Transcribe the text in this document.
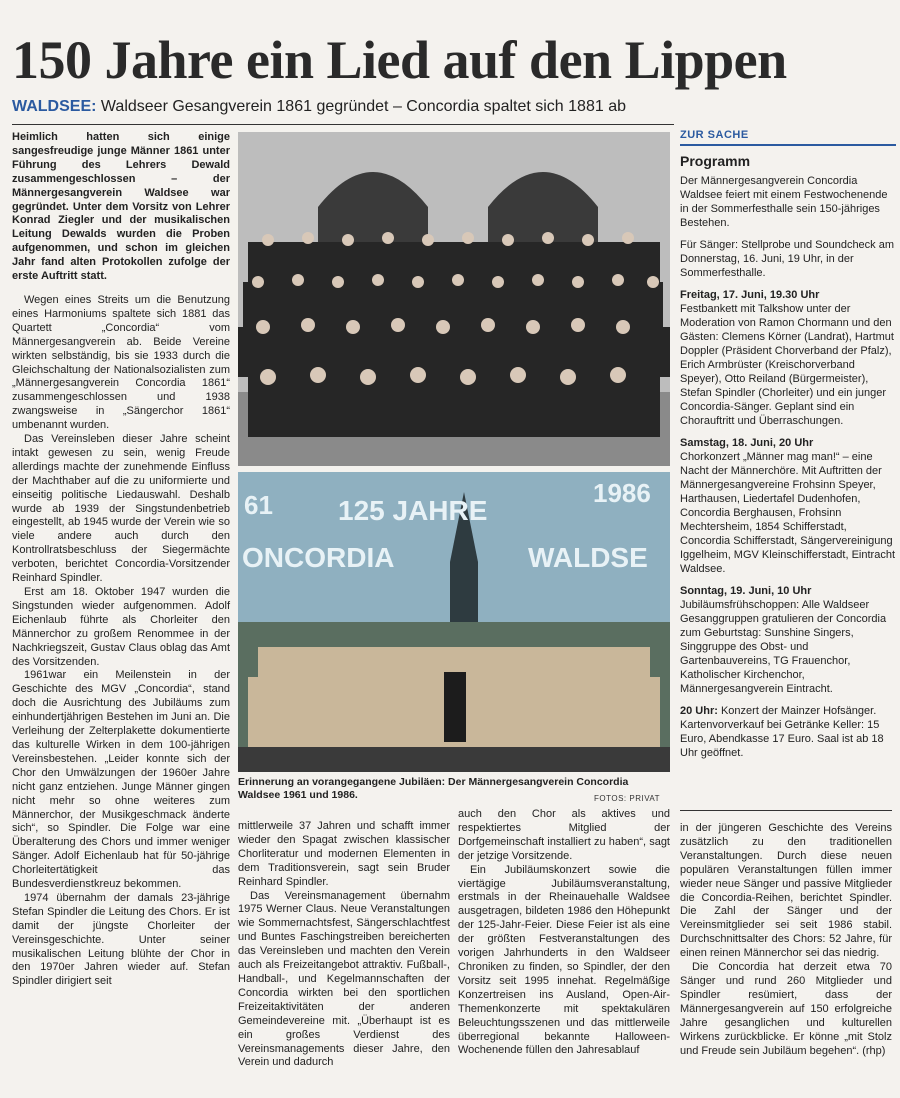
150 Jahre ein Lied auf den Lippen
WALDSEE: Waldseer Gesangverein 1861 gegründet – Concordia spaltet sich 1881 ab

Heimlich hatten sich einige sangesfreudige junge Männer 1861 unter Führung des Lehrers Dewald zusammengeschlossen – der Männergesangverein Waldsee war gegründet. Unter dem Vorsitz von Lehrer Konrad Ziegler und der musikalischen Leitung Dewalds wurden die Proben aufgenommen, und schon im gleichen Jahr fand alten Protokollen zufolge der erste Auftritt statt.

Wegen eines Streits um die Benutzung eines Harmoniums spaltete sich 1881 das Quartett „Concordia“ vom Männergesangverein ab. Beide Vereine wirkten selbständig, bis sie 1933 durch die Gleichschaltung der Nationalsozialisten zum „Männergesangverein Concordia 1861“ zusammengeschlossen und 1938 zwangsweise in „Sängerchor 1861“ umbenannt wurden.

Das Vereinsleben dieser Jahre scheint intakt gewesen zu sein, wenig Freude allerdings machte der zunehmende Einfluss der Machthaber auf die zu uniformierte und einseitig politische Liedauswahl. Deshalb wurde ab 1939 der Singstundenbetrieb eingestellt, ab 1945 wurde der Verein wie so viele andere auch durch den Kontrollratsbeschluss der Siegermächte verboten, berichtet Concordia-Vorsitzender Reinhard Spindler.

Erst am 18. Oktober 1947 wurden die Singstunden wieder aufgenommen. Adolf Eichenlaub führte als Chorleiter den Männerchor zu großem Renommee in der Nachkriegszeit, Gustav Claus oblag das Amt des Vorsitzenden.

1961war ein Meilenstein in der Geschichte des MGV „Concordia“, stand doch die Ausrichtung des Jubiläums zum einhundertjährigen Bestehen im Juni an. Die Verleihung der Zelterplakette dokumentierte das kulturelle Wirken in dem 100-jährigen Vereinsbestehen. „Leider konnte sich der Chor den Umwälzungen der 1960er Jahre nicht ganz entziehen. Junge Männer gingen nicht mehr so ohne weiteres zum Männerchor, der Musikgeschmack änderte sich“, so Spindler. Die Folge war eine Überalterung des Chors und immer weniger Sänger. Adolf Eichenlaub hat für 50-jährige Chorleitertätigkeit das Bundesverdienstkreuz bekommen.

1974 übernahm der damals 23-jährige Stefan Spindler die Leitung des Chors. Er ist damit der jüngste Chorleiter der Vereinsgeschichte. Unter seiner musikalischen Leitung blühte der Chor in den 1970er Jahren wieder auf. Stefan Spindler dirigiert seit

61 125 JAHRE
1986
ONCORDIA	WALDSE
Erinnerung an vorangegangene Jubiläen: Der Männergesangverein Concordia Waldsee 1961 und 1986.	FOTOS: PRIVAT

mittlerweile 37 Jahren und schafft immer wieder den Spagat zwischen klassischer Chorliteratur und modernen Elementen in dem Traditionsverein, sagt sein Bruder Reinhard Spindler.

Das Vereinsmanagement übernahm 1975 Werner Claus. Neue Veranstaltungen wie Sommernachtsfest, Sängerschlachtfest und Buntes Faschingstreiben bereicherten das Vereinsleben und machten den Verein auch als Freizeitangebot attraktiv. Fußball-, Handball-, und Kegelmannschaften der Concordia wirkten bei den sportlichen Freizeitaktivitäten der anderen Gemeindevereine mit. „Überhaupt ist es ein großes Verdienst des Vereinsmanagements dieser Jahre, den Verein und dadurch

auch den Chor als aktives und respektiertes Mitglied der Dorfgemeinschaft installiert zu haben“, sagt der jetzige Vorsitzende.

Ein Jubiläumskonzert sowie die viertägige Jubiläumsveranstaltung, erstmals in der Rheinauehalle Waldsee ausgetragen, bildeten 1986 den Höhepunkt der 125-Jahr-Feier. Diese Feier ist als eine der größten Festveranstaltungen des vorigen Jahrhunderts in den Waldseer Chroniken zu finden, so Spindler, der den Vorsitz seit 1995 innehat. Regelmäßige Konzertreisen ins Ausland, Open-Air-Themenkonzerte mit spektakulären Beleuchtungsszenen und das mittlerweile überregional bekannte Halloween-Wochenende füllen den Jahresablauf

in der jüngeren Geschichte des Vereins zusätzlich zu den traditionellen Veranstaltungen. Durch diese neuen populären Veranstaltungen füllen immer wieder neue Sänger und passive Mitglieder die Concordia-Reihen, berichtet Spindler. Die Zahl der Sänger und der Vereinsmitglieder sei seit 1986 stabil. Durchschnittsalter des Chors: 52 Jahre, für einen reinen Männerchor sei das niedrig.

Die Concordia hat derzeit etwa 70 Sänger und rund 260 Mitglieder und Spindler resümiert, dass der Männergesangverein auf 150 erfolgreiche Jahre gesanglichen und kulturellen Wirkens zurückblicke. Er könne „mit Stolz und Freude sein Jubiläum begehen“. (rhp)

ZUR SACHE
Programm

Der Männergesangverein Concordia Waldsee feiert mit einem Festwochenende in der Sommerfesthalle sein 150-jähriges Bestehen.

Für Sänger: Stellprobe und Soundcheck am Donnerstag, 16. Juni, 19 Uhr, in der Sommerfesthalle.

Freitag, 17. Juni, 19.30 Uhr
Festbankett mit Talkshow unter der Moderation von Ramon Chormann und den Gästen: Clemens Körner (Landrat), Hartmut Doppler (Präsident Chorverband der Pfalz), Erich Armbrüster (Kreischorverband Speyer), Otto Reiland (Bürgermeister), Stefan Spindler (Chorleiter) und ein junger Concordia-Sänger. Geplant sind ein Chorauftritt und Überraschungen.

Samstag, 18. Juni, 20 Uhr
Chorkonzert „Männer mag man!“ – eine Nacht der Männerchöre. Mit Auftritten der Männergesangvereine Frohsinn Speyer, Harthausen, Liedertafel Dudenhofen, Concordia Berghausen, Frohsinn Mechtersheim, 1854 Schifferstadt, Concordia Schifferstadt, Sängervereinigung Iggelheim, MGV Kleinschifferstadt, Eintracht Waldsee.

Sonntag, 19. Juni, 10 Uhr
Jubiläumsfrühschoppen: Alle Waldseer Gesanggruppen gratulieren der Concordia zum Geburtstag: Sunshine Singers, Singgruppe des Obst- und Gartenbauvereins, TG Frauenchor, Katholischer Kirchenchor, Männergesangverein Eintracht.

20 Uhr: Konzert der Mainzer Hofsänger. Kartenvorverkauf bei Getränke Keller: 15 Euro, Abendkasse 17 Euro. Saal ist ab 18 Uhr geöffnet.
